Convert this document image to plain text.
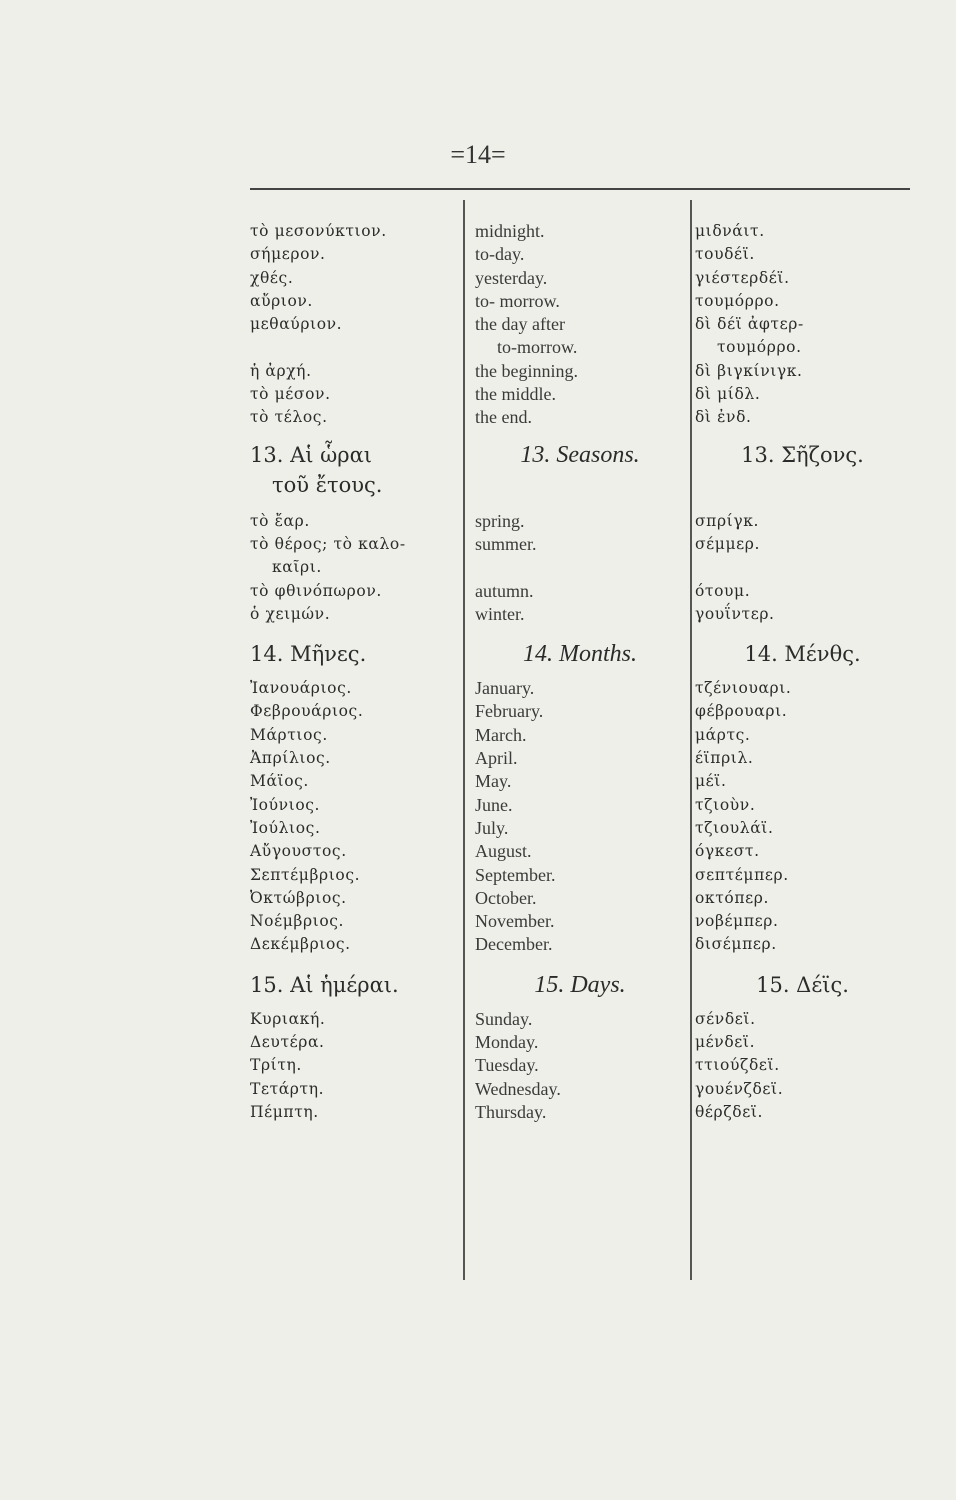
=14=
τὸ μεσονύκτιον.
σήμερον.
χθές.
αὔριον.
μεθαύριον.
ἡ ἀρχή.
τὸ μέσον.
τὸ τέλος.
13. Αἱ ὧραι
τοῦ ἔτους.
τὸ ἔαρ.
τὸ θέρος; τὸ καλο-
καῖρι.
τὸ φθινόπωρον.
ὁ χειμών.
14. Μῆνες.
Ἰανουάριος.
Φεβρουάριος.
Μάρτιος.
Ἀπρίλιος.
Μάϊος.
Ἰούνιος.
Ἰούλιος.
Αὔγουστος.
Σεπτέμβριος.
Ὀκτώβριος.
Νοέμβριος.
Δεκέμβριος.
15. Αἱ ἡμέραι.
Κυριακή.
Δευτέρα.
Τρίτη.
Τετάρτη.
Πέμπτη.
midnight.
to-day.
yesterday.
to- morrow.
the day after
to-morrow.
the beginning.
the middle.
the end.
13. Seasons.
spring.
summer.
autumn.
winter.
14. Months.
January.
February.
March.
April.
May.
June.
July.
August.
September.
October.
November.
December.
15. Days.
Sunday.
Monday.
Tuesday.
Wednesday.
Thursday.
μιδνάιτ.
τουδέϊ.
γιέστερδέϊ.
τουμόρρο.
δὶ δέϊ ἀφτερ-
τουμόρρο.
δὶ βιγκίνιγκ.
δὶ μίδλ.
δὶ ἐνδ.
13. Σῆζονς.
σπρίγκ.
σέμμερ.
ότουμ.
γουΐντερ.
14. Μένθς.
τζένιουαρι.
φέβρουαρι.
μάρτς.
έϊπριλ.
μέϊ.
τζιοὺν.
τζιουλάϊ.
όγκεστ.
σεπτέμπερ.
οκτόπερ.
νοβέμπερ.
δισέμπερ.
15. Δέϊς.
σένδεϊ.
μένδεϊ.
ττιούζδεϊ.
γουένζδεϊ.
θέρζδεϊ.
